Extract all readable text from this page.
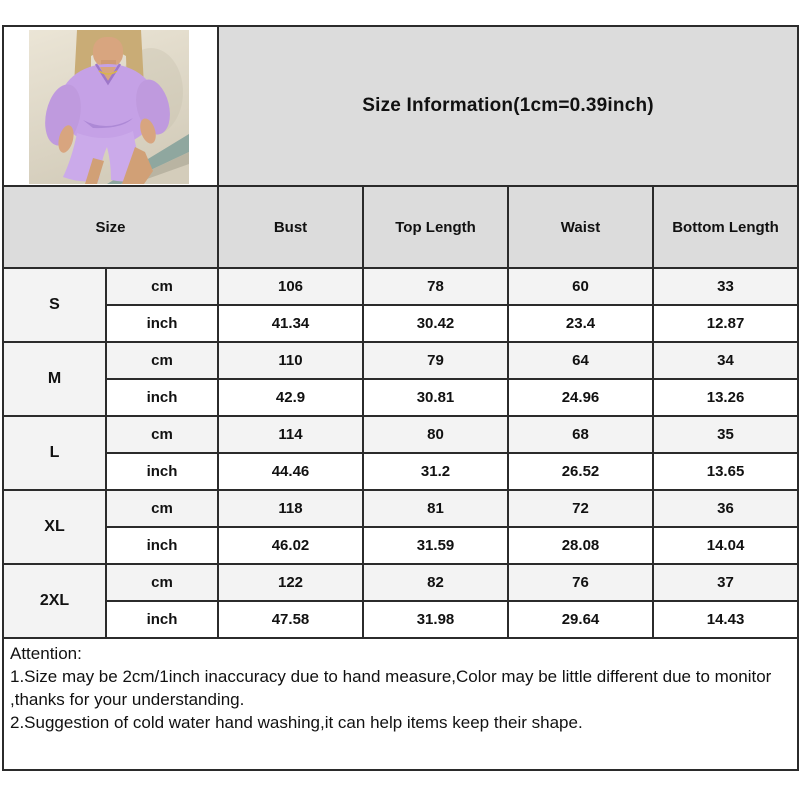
	Size Information(1cm=0.39inch)			
Size		Bust	Top Length	Waist	Bottom Length
S	cm	106	78	60	33
	inch	41.34	30.42	23.4	12.87
M	cm	110	79	64	34
	inch	42.9	30.81	24.96	13.26
L	cm	114	80	68	35
	inch	44.46	31.2	26.52	13.65
XL	cm	118	81	72	36
	inch	46.02	31.59	28.08	14.04
2XL	cm	122	82	76	37
	inch	47.58	31.98	29.64	14.43

Attention:
1.Size may be 2cm/1inch inaccuracy due to hand measure,Color may be little different due to monitor ,thanks for your understanding.
2.Suggestion of cold water hand washing,it can help items keep their shape.					
